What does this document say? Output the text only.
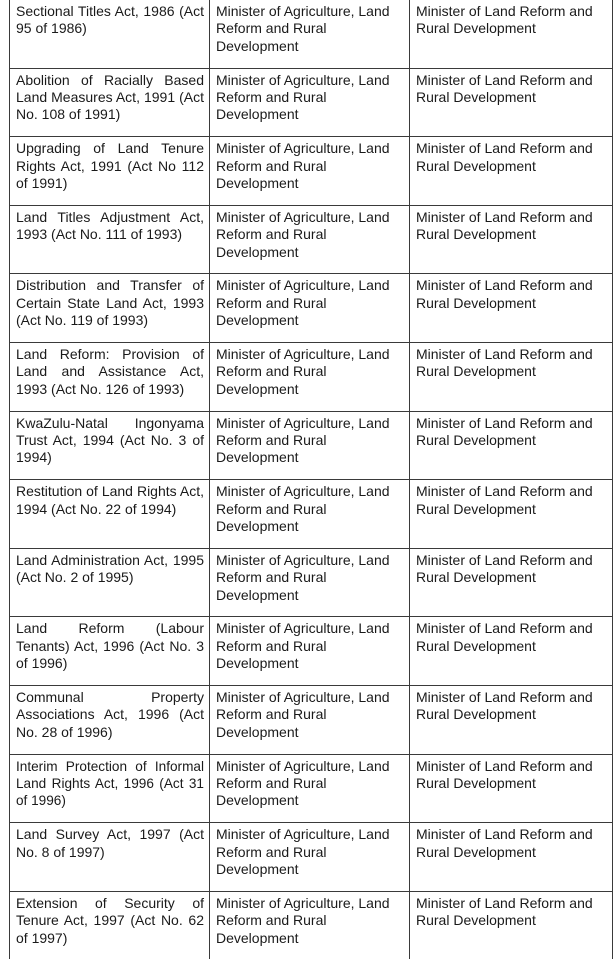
Sectional Titles Act, 1986 (Act 95 of 1986)	Minister of Agriculture, Land Reform and Rural Development	Minister of Land Reform and Rural Development
Abolition of Racially Based Land Measures Act, 1991 (Act No. 108 of 1991)	Minister of Agriculture, Land Reform and Rural Development	Minister of Land Reform and Rural Development
Upgrading of Land Tenure Rights Act, 1991 (Act No 112 of 1991)	Minister of Agriculture, Land Reform and Rural Development	Minister of Land Reform and Rural Development
Land Titles Adjustment Act, 1993 (Act No. 111 of 1993)	Minister of Agriculture, Land Reform and Rural Development	Minister of Land Reform and Rural Development
Distribution and Transfer of Certain State Land Act, 1993 (Act No. 119 of 1993)	Minister of Agriculture, Land Reform and Rural Development	Minister of Land Reform and Rural Development
Land Reform: Provision of Land and Assistance Act, 1993 (Act No. 126 of 1993)	Minister of Agriculture, Land Reform and Rural Development	Minister of Land Reform and Rural Development
KwaZulu-Natal Ingonyama Trust Act, 1994 (Act No. 3 of 1994)	Minister of Agriculture, Land Reform and Rural Development	Minister of Land Reform and Rural Development
Restitution of Land Rights Act, 1994 (Act No. 22 of 1994)	Minister of Agriculture, Land Reform and Rural Development	Minister of Land Reform and Rural Development
Land Administration Act, 1995 (Act No. 2 of 1995)	Minister of Agriculture, Land Reform and Rural Development	Minister of Land Reform and Rural Development
Land Reform (Labour Tenants) Act, 1996 (Act No. 3 of 1996)	Minister of Agriculture, Land Reform and Rural Development	Minister of Land Reform and Rural Development
Communal Property Associations Act, 1996 (Act No. 28 of 1996)	Minister of Agriculture, Land Reform and Rural Development	Minister of Land Reform and Rural Development
Interim Protection of Informal Land Rights Act, 1996 (Act 31 of 1996)	Minister of Agriculture, Land Reform and Rural Development	Minister of Land Reform and Rural Development
Land Survey Act, 1997 (Act No. 8 of 1997)	Minister of Agriculture, Land Reform and Rural Development	Minister of Land Reform and Rural Development
Extension of Security of Tenure Act, 1997 (Act No. 62 of 1997)	Minister of Agriculture, Land Reform and Rural Development	Minister of Land Reform and Rural Development
